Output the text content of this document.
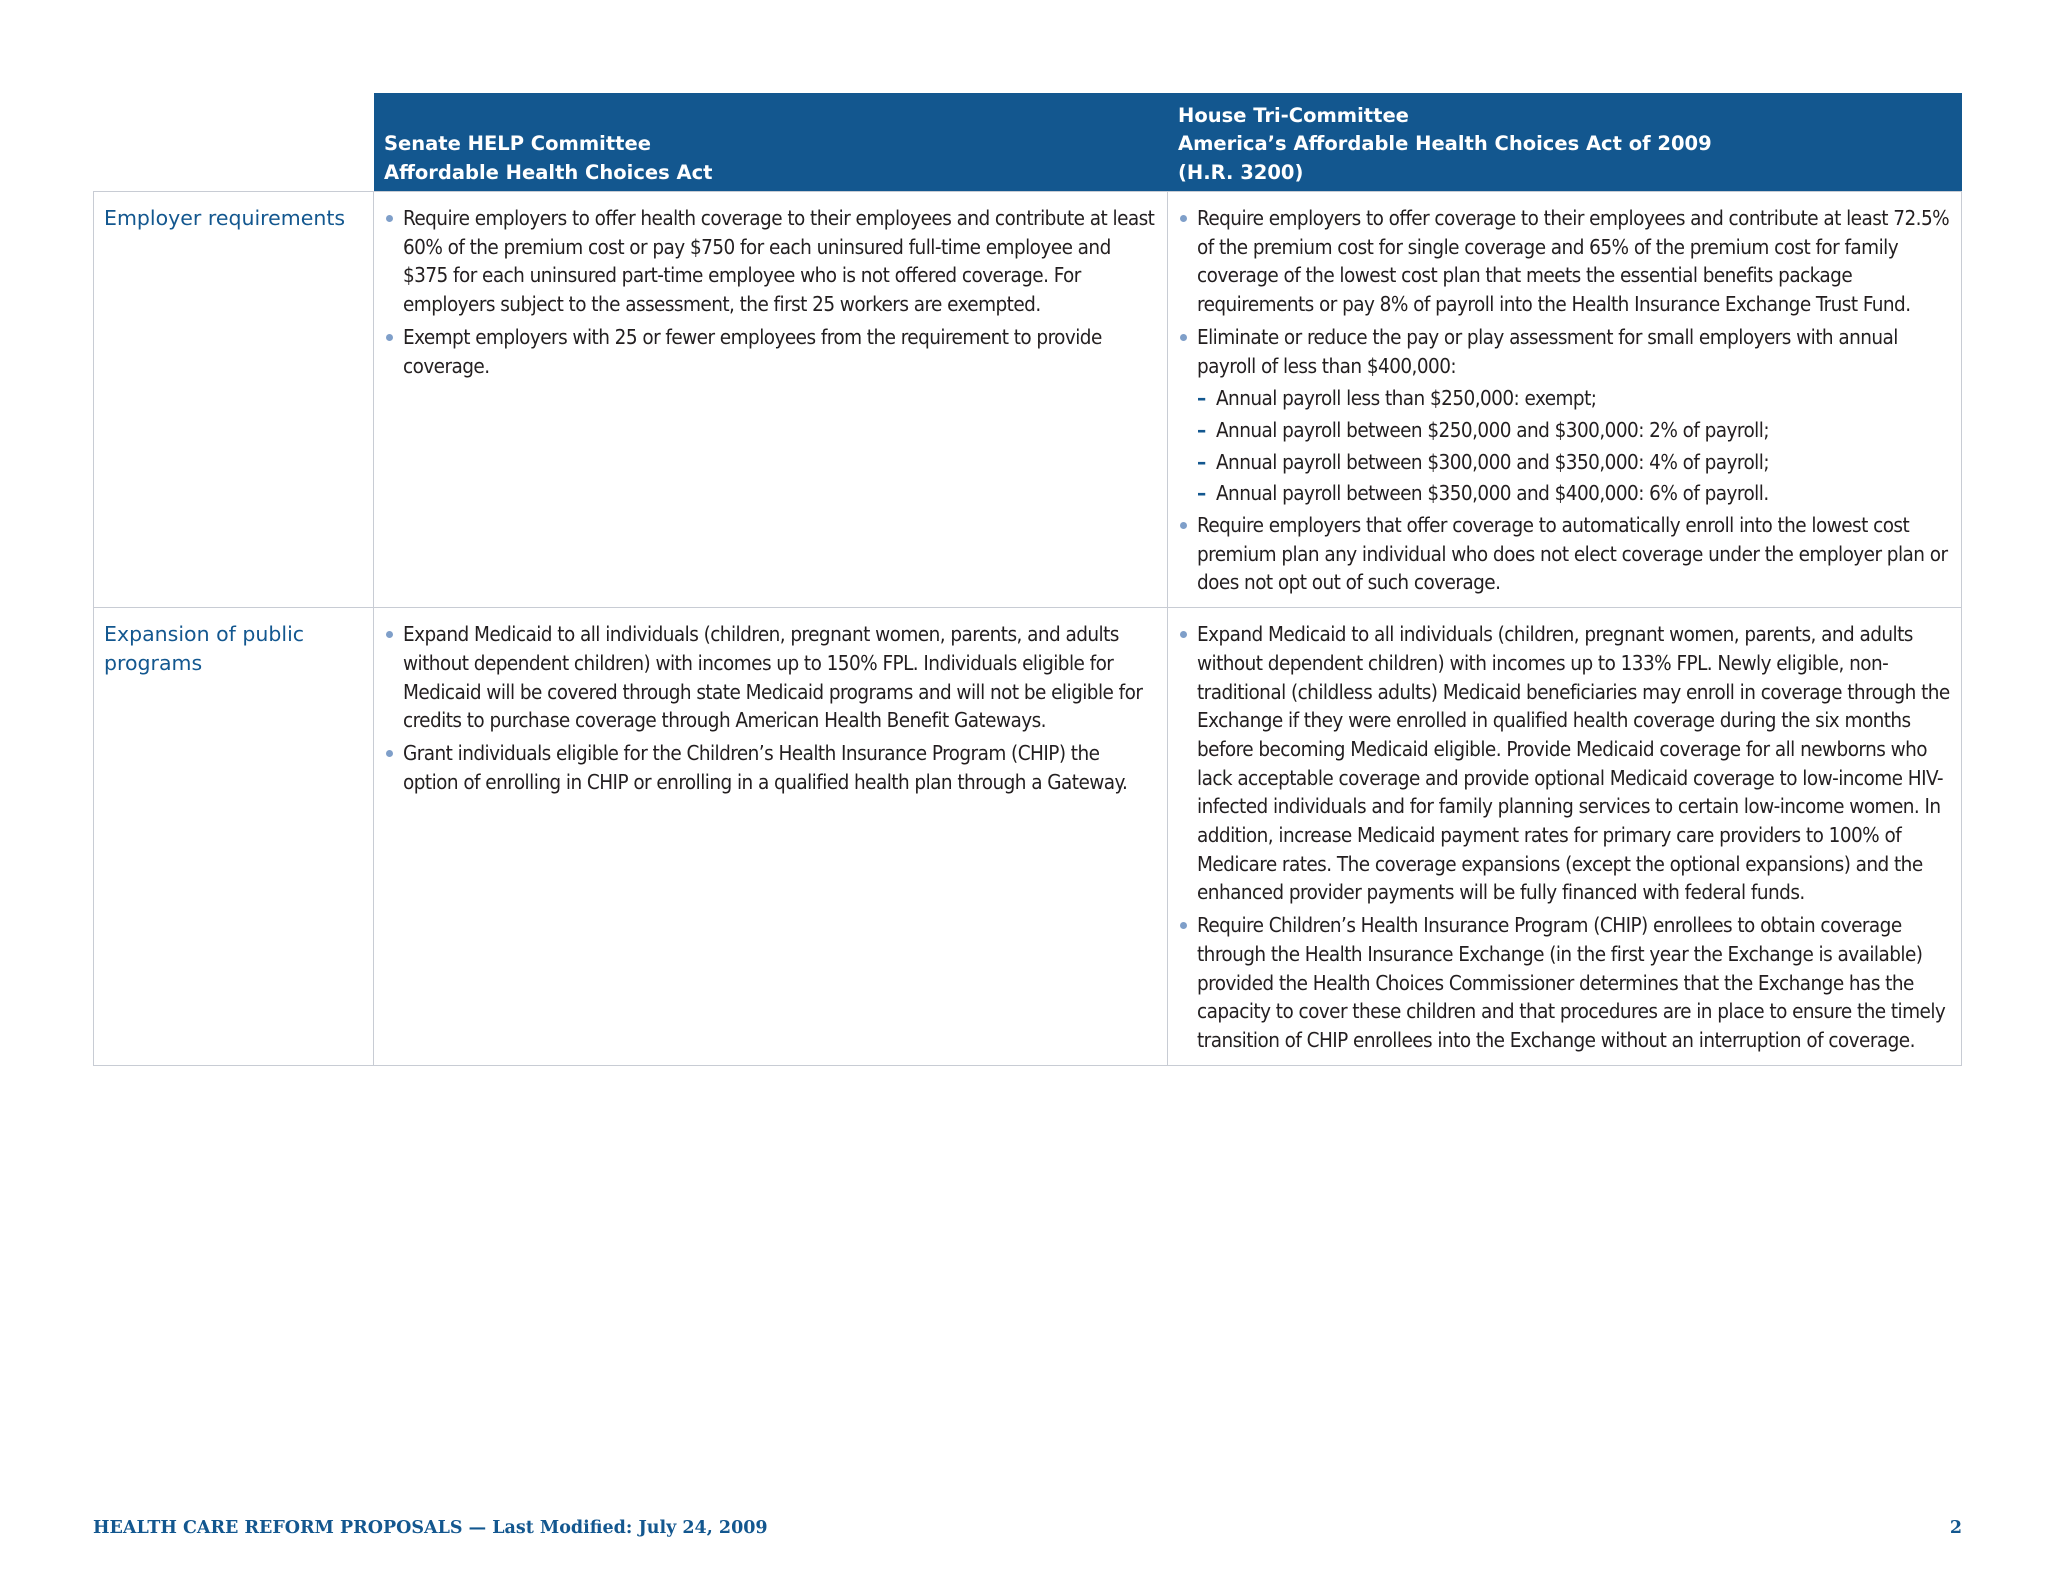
Senate HELP Committee
Affordable Health Choices Act
House Tri-Committee
America’s Affordable Health Choices Act of 2009
(H.R. 3200)
Employer requirements	Require employers to offer health coverage to their employees and contribute at least 60% of the premium cost or pay $750 for each uninsured full-time employee and $375 for each uninsured part-time employee who is not offered coverage. For employers subject to the assessment, the first 25 workers are exempted.
Exempt employers with 25 or fewer employees from the requirement to provide coverage.
Require employers to offer coverage to their employees and contribute at least 72.5% of the premium cost for single coverage and 65% of the premium cost for family coverage of the lowest cost plan that meets the essential benefits package requirements or pay 8% of payroll into the Health Insurance Exchange Trust Fund.
Eliminate or reduce the pay or play assessment for small employers with annual payroll of less than $400,000:
– Annual payroll less than $250,000: exempt;
– Annual payroll between $250,000 and $300,000: 2% of payroll;
– Annual payroll between $300,000 and $350,000: 4% of payroll;
– Annual payroll between $350,000 and $400,000: 6% of payroll.
Require employers that offer coverage to automatically enroll into the lowest cost premium plan any individual who does not elect coverage under the employer plan or does not opt out of such coverage.
Expansion of public programs
Expand Medicaid to all individuals (children, pregnant women, parents, and adults without dependent children) with incomes up to 150% FPL. Individuals eligible for Medicaid will be covered through state Medicaid programs and will not be eligible for credits to purchase coverage through American Health Benefit Gateways.
Grant individuals eligible for the Children’s Health Insurance Program (CHIP) the option of enrolling in CHIP or enrolling in a qualified health plan through a Gateway.
Expand Medicaid to all individuals (children, pregnant women, parents, and adults without dependent children) with incomes up to 133% FPL. Newly eligible, non-traditional (childless adults) Medicaid beneficiaries may enroll in coverage through the Exchange if they were enrolled in qualified health coverage during the six months before becoming Medicaid eligible. Provide Medicaid coverage for all newborns who lack acceptable coverage and provide optional Medicaid coverage to low-income HIV-infected individuals and for family planning services to certain low-income women. In addition, increase Medicaid payment rates for primary care providers to 100% of Medicare rates. The coverage expansions (except the optional expansions) and the enhanced provider payments will be fully financed with federal funds.
Require Children’s Health Insurance Program (CHIP) enrollees to obtain coverage through the Health Insurance Exchange (in the first year the Exchange is available) provided the Health Choices Commissioner determines that the Exchange has the capacity to cover these children and that procedures are in place to ensure the timely transition of CHIP enrollees into the Exchange without an interruption of coverage.
HEALTH CARE REFORM PROPOSALS — Last Modified: July 24, 2009	2
